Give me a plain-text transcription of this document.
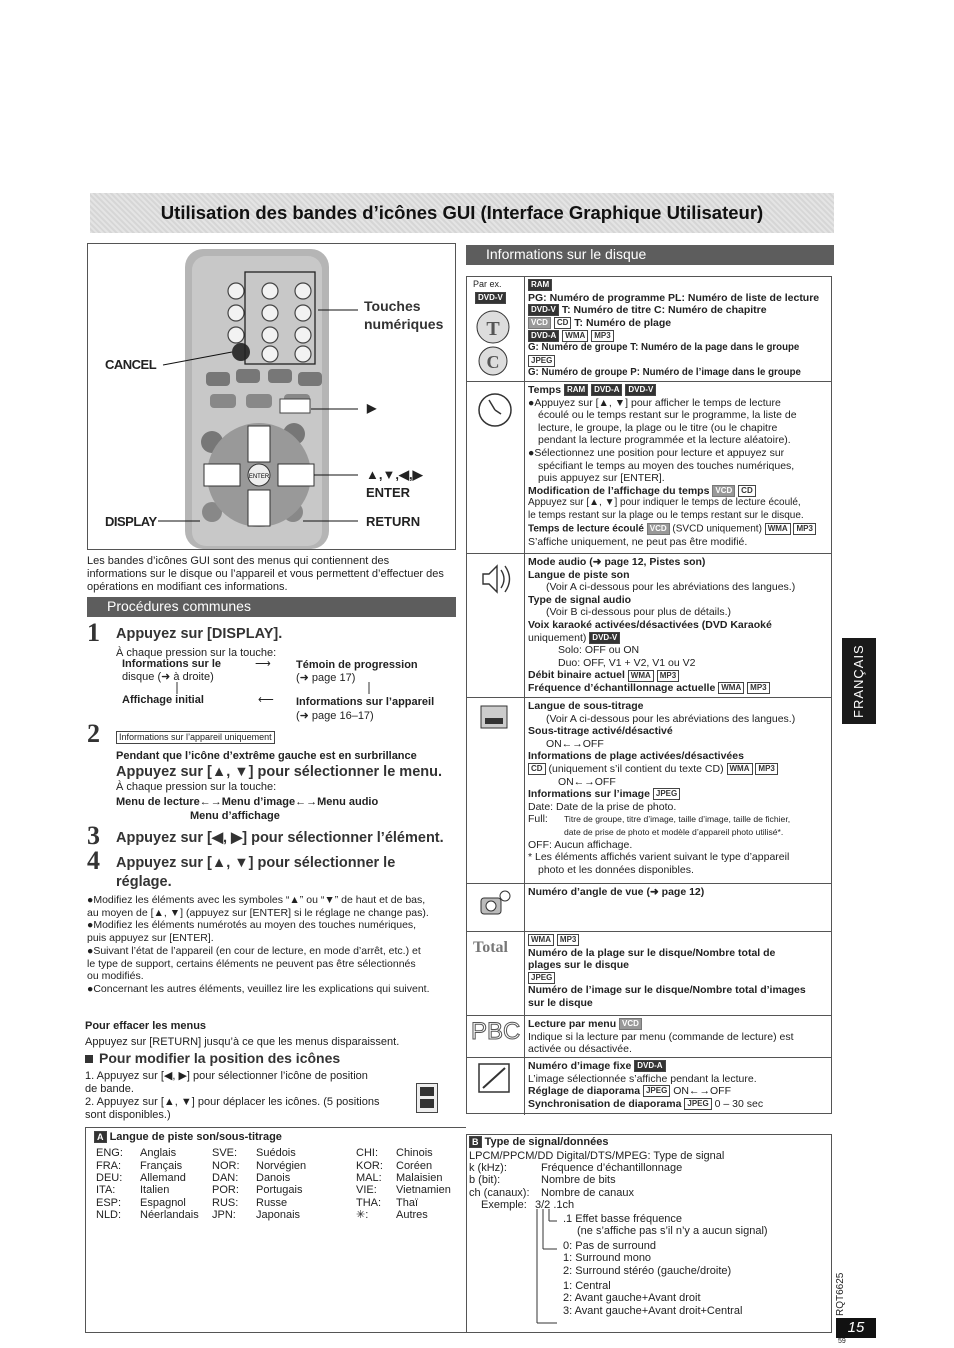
Utilisation des bandes d’icônes GUI (Interface Graphique Utilisateur)
ENTER
CANCEL
DISPLAY
Touches
numériques
▶
▲,▼,◀,▶
ENTER
RETURN
Les bandes d’icônes GUI sont des menus qui contiennent des
informations sur le disque ou l’appareil et vous permettent d’effectuer des
opérations en modifiant ces informations.
Procédures communes
1 Appuyez sur [DISPLAY].
À chaque pression sur la touche:
Informations sur le
disque (➜ à droite)
⟶ Témoin de progression
(➜ page 17)
Affichage initial	⟵ Informations sur l’appareil
(➜ page 16–17)
2	Informations sur l’appareil uniquement
Pendant que l’icône d’extrême gauche est en surbrillance
Appuyez sur [▲, ▼] pour sélectionner le menu.
À chaque pression sur la touche:
Menu de lecture←→Menu d’image←→Menu audio
Menu d’affichage
3 Appuyez sur [◀, ▶] pour sélectionner l’élément.
4 Appuyez sur [▲, ▼] pour sélectionner le
réglage.
●Modifiez les éléments avec les symboles “▲” ou “▼” de haut et de bas,
au moyen de [▲, ▼] (appuyez sur [ENTER] si le réglage ne change pas).
●Modifiez les éléments numérotés au moyen des touches numériques,
puis appuyez sur [ENTER].
●Suivant l’état de l’appareil (en cour de lecture, en mode d’arrêt, etc.) et
le type de support, certains éléments ne peuvent pas être sélectionnés
ou modifiés.
●Concernant les autres éléments, veuillez lire les explications qui suivent.
Pour effacer les menus
Appuyez sur [RETURN] jusqu’à ce que les menus disparaissent.
Pour modifier la position des icônes
1. Appuyez sur [◀, ▶] pour sélectionner l’icône de position
de bande.
2. Appuyez sur [▲, ▼] pour déplacer les icônes. (5 positions
sont disponibles.)
Informations sur le disque
Par ex.
DVD-V
T
C
RAM
PG: Numéro de programme PL: Numéro de liste de lecture
DVD-V T: Numéro de titre C: Numéro de chapitre
VCD CD T: Numéro de plage
DVD-A WMA MP3
G: Numéro de groupe T: Numéro de la page dans le groupe
JPEG
G: Numéro de groupe P: Numéro de l’image dans le groupe
Temps RAM DVD-A DVD-V
●Appuyez sur [▲, ▼] pour afficher le temps de lecture
écoulé ou le temps restant sur le programme, la liste de
lecture, le groupe, la plage ou le titre (ou le chapitre
pendant la lecture programmée et la lecture aléatoire).
●Sélectionnez une position pour lecture et appuyez sur
spécifiant le temps au moyen des touches numériques,
puis appuyez sur [ENTER].
Modification de l’affichage du temps VCD CD
Appuyez sur [▲, ▼] pour indiquer le temps de lecture écoulé,
le temps restant sur la plage ou le temps restant sur le disque.
Temps de lecture écoulé VCD (SVCD uniquement) WMA MP3
S’affiche uniquement, ne peut pas être modifié.
Mode audio (➜ page 12, Pistes son)
Langue de piste son
(Voir A ci-dessous pour les abréviations des langues.)
Type de signal audio
(Voir B ci-dessous pour plus de détails.)
Voix karaoké activées/désactivées (DVD Karaoké
uniquement) DVD-V
Solo: OFF ou ON
Duo: OFF, V1 + V2, V1 ou V2
Débit binaire actuel WMA MP3
Fréquence d’échantillonnage actuelle WMA MP3
Langue de sous-titrage
(Voir A ci-dessous pour les abréviations des langues.)
Sous-titrage activé/désactivé
ON←→OFF
Informations de plage activées/désactivées
CD (uniquement s’il contient du texte CD) WMA MP3
ON←→OFF
Informations sur l’image JPEG
Date: Date de la prise de photo.
Full:	Titre de groupe, titre d’image, taille d’image, taille de fichier,
date de prise de photo et modèle d’appareil photo utilisé*.
OFF: Aucun affichage.
* Les éléments affichés varient suivant le type d’appareil
photo et les données disponibles.
Numéro d’angle de vue (➜ page 12)
Total	WMA MP3
Numéro de la plage sur le disque/Nombre total de
plages sur le disque
JPEG
Numéro de l’image sur le disque/Nombre total d’images
sur le disque
PBC Lecture par menu VCD
Indique si la lecture par menu (commande de lecture) est
activée ou désactivée.
Numéro d’image fixe DVD-A
L’image sélectionnée s’affiche pendant la lecture.
Réglage de diaporama JPEG ON←→OFF
Synchronisation de diaporama JPEG 0 – 30 sec
A Langue de piste son/sous-titrage
ENG:	Anglais	SVE:	Suédois	CHI:	Chinois
FRA:	Français	NOR:	Norvégien	KOR:	Coréen
DEU:	Allemand	DAN:	Danois	MAL:	Malaisien
ITA:	Italien	POR:	Portugais	VIE:	Vietnamien
ESP:	Espagnol	RUS:	Russe	THA:	Thaï
NLD:	Néerlandais	JPN:	Japonais	✳:	Autres
B Type de signal/données
LPCM/PPCM/DD Digital/DTS/MPEG: Type de signal
k (kHz):	Fréquence d’échantillonnage
b (bit):	Nombre de bits
ch (canaux):	Nombre de canaux
Exemple: 3/2 .1ch
.1 Effet basse fréquence
(ne s’affiche pas s’il n’y a aucun signal)
0: Pas de surround
1: Surround mono
2: Surround stéréo (gauche/droite)
1: Central
2: Avant gauche+Avant droit
3: Avant gauche+Avant droit+Central
FRANÇAIS
RQT6625
15
59
